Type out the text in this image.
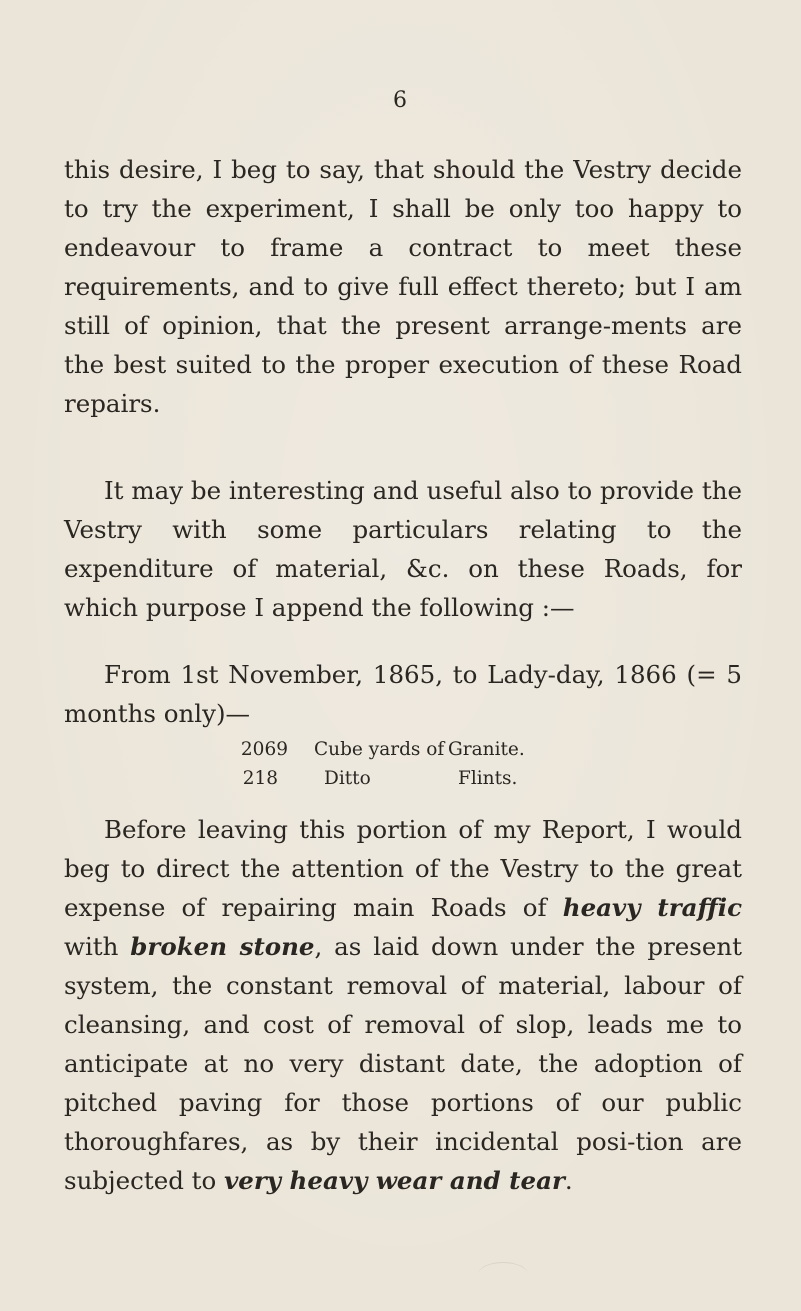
6
this desire, I beg to say, that should the Vestry decide to try the experiment, I shall be only too happy to endeavour to frame a contract to meet these requirements, and to give full effect thereto; but I am still of opinion, that the present arrange-ments are the best suited to the proper execution of these Road repairs.
It may be interesting and useful also to provide the Vestry with some particulars relating to the expenditure of material, &c. on these Roads, for which purpose I append the following :—
From 1st November, 1865, to Lady-day, 1866 (= 5 months only)—
2069 Cube yards of Granite.
218 Ditto	Flints.
Before leaving this portion of my Report, I would beg to direct the attention of the Vestry to the great expense of repairing main Roads of heavy traffic with broken stone, as laid down under the present system, the constant removal of material, labour of cleansing, and cost of removal of slop, leads me to anticipate at no very distant date, the adoption of pitched paving for those portions of our public thoroughfares, as by their incidental posi-tion are subjected to very heavy wear and tear.
